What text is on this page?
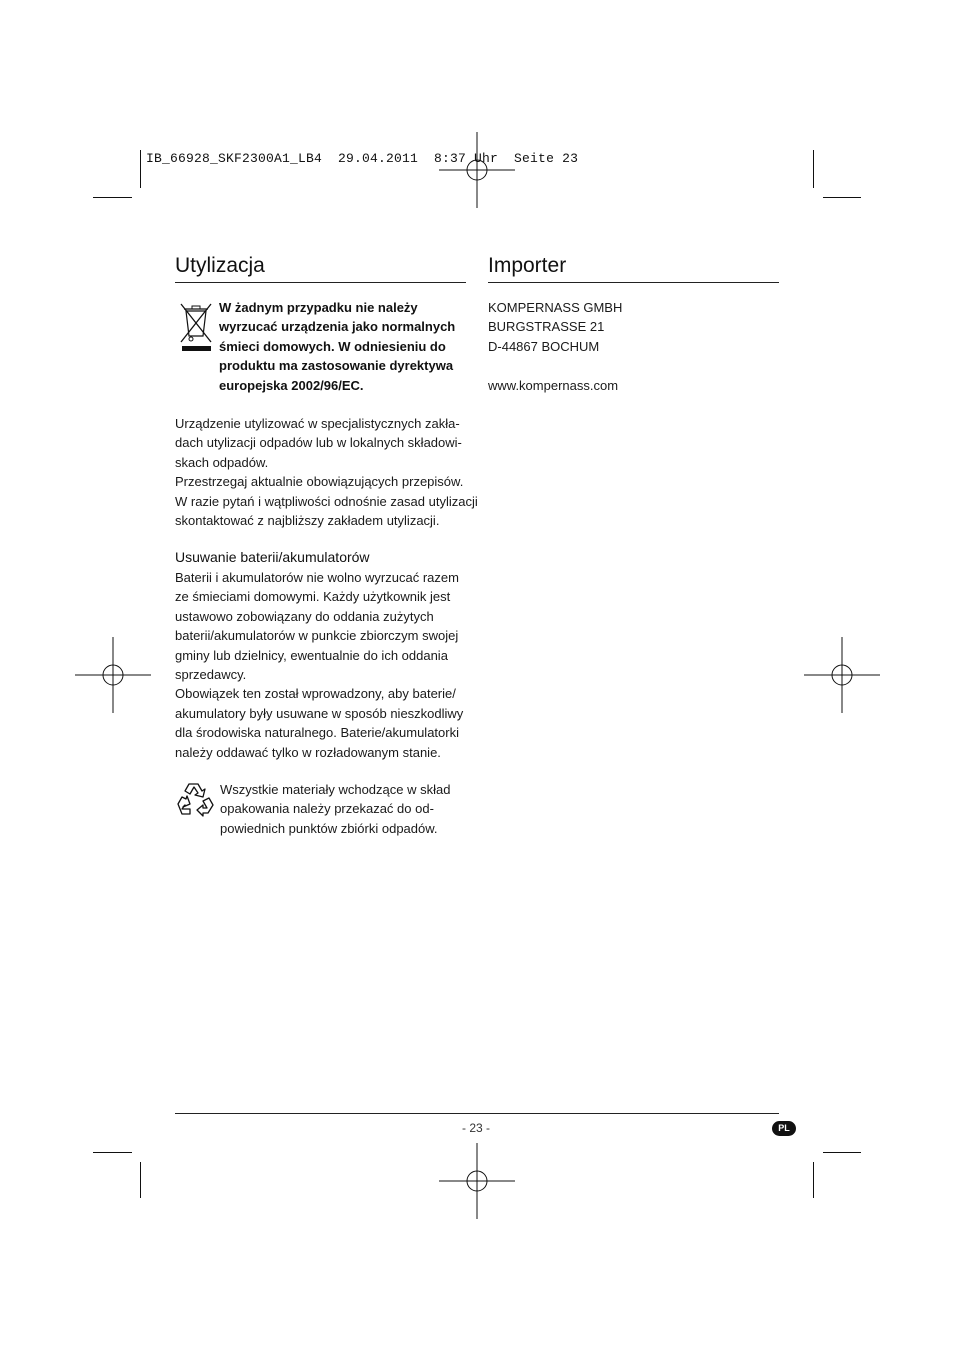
IB_66928_SKF2300A1_LB4  29.04.2011  8:37 Uhr  Seite 23
Utylizacja
W żadnym przypadku nie należy
wyrzucać urządzenia jako normalnych
śmieci domowych. W odniesieniu do
produktu ma zastosowanie dyrektywa
europejska 2002/96/EC.
Urządzenie utylizować w specjalistycznych zakła-
dach utylizacji odpadów lub w lokalnych składowi-
skach odpadów.
Przestrzegaj aktualnie obowiązujących przepisów.
W razie pytań i wątpliwości odnośnie zasad utylizacji
skontaktować z najbliższy zakładem utylizacji.
Usuwanie baterii/akumulatorów
Baterii i akumulatorów nie wolno wyrzucać razem
ze śmieciami domowymi. Każdy użytkownik jest
ustawowo zobowiązany do oddania zużytych
baterii/akumulatorów w punkcie zbiorczym swojej
gminy lub dzielnicy, ewentualnie do ich oddania
sprzedawcy.
Obowiązek ten został wprowadzony, aby baterie/
akumulatory były usuwane w sposób nieszkodliwy
dla środowiska naturalnego. Baterie/akumulatorki
należy oddawać tylko w rozładowanym stanie.
Wszystkie materiały wchodzące w skład
opakowania należy przekazać do od-
powiednich punktów zbiórki odpadów.
Importer
KOMPERNASS GMBH
BURGSTRASSE 21
D-44867 BOCHUM
www.kompernass.com
- 23 -	PL
